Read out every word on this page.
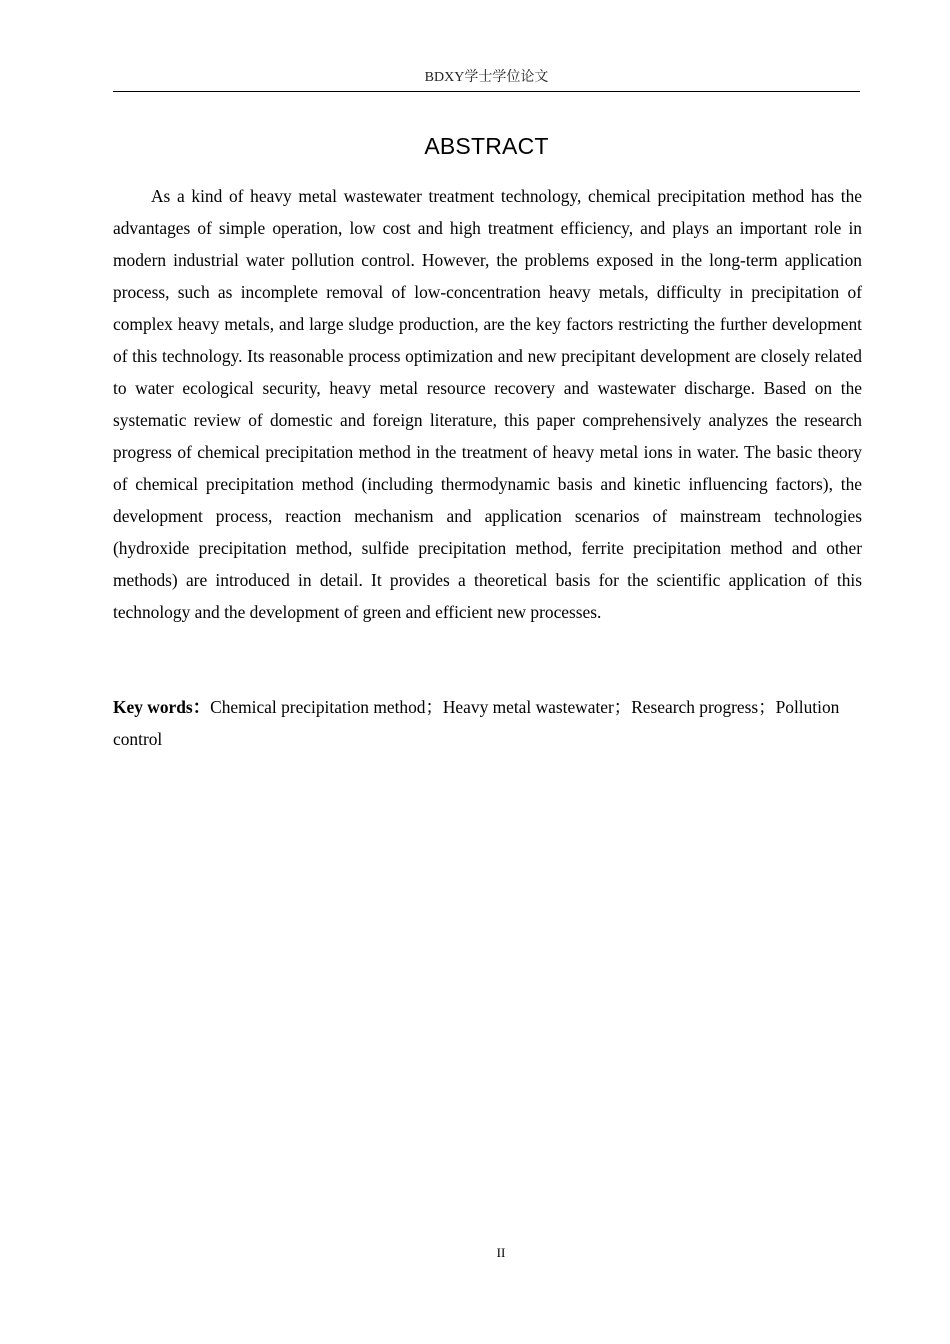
BDXY学士学位论文
ABSTRACT

As a kind of heavy metal wastewater treatment technology, chemical precipitation method has the advantages of simple operation, low cost and high treatment efficiency, and plays an important role in modern industrial water pollution control. However, the problems exposed in the long-term application process, such as incomplete removal of low-concentration heavy metals, difficulty in precipitation of complex heavy metals, and large sludge production, are the key factors restricting the further development of this technology. Its reasonable process optimization and new precipitant development are closely related to water ecological security, heavy metal resource recovery and wastewater discharge. Based on the systematic review of domestic and foreign literature, this paper comprehensively analyzes the research progress of chemical precipitation method in the treatment of heavy metal ions in water. The basic theory of chemical precipitation method (including thermodynamic basis and kinetic influencing factors), the development process, reaction mechanism and application scenarios of mainstream technologies (hydroxide precipitation method, sulfide precipitation method, ferrite precipitation method and other methods) are introduced in detail. It provides a theoretical basis for the scientific application of this technology and the development of green and efficient new processes.

Key words：Chemical precipitation method；Heavy metal wastewater；Research progress；Pollution control

II
